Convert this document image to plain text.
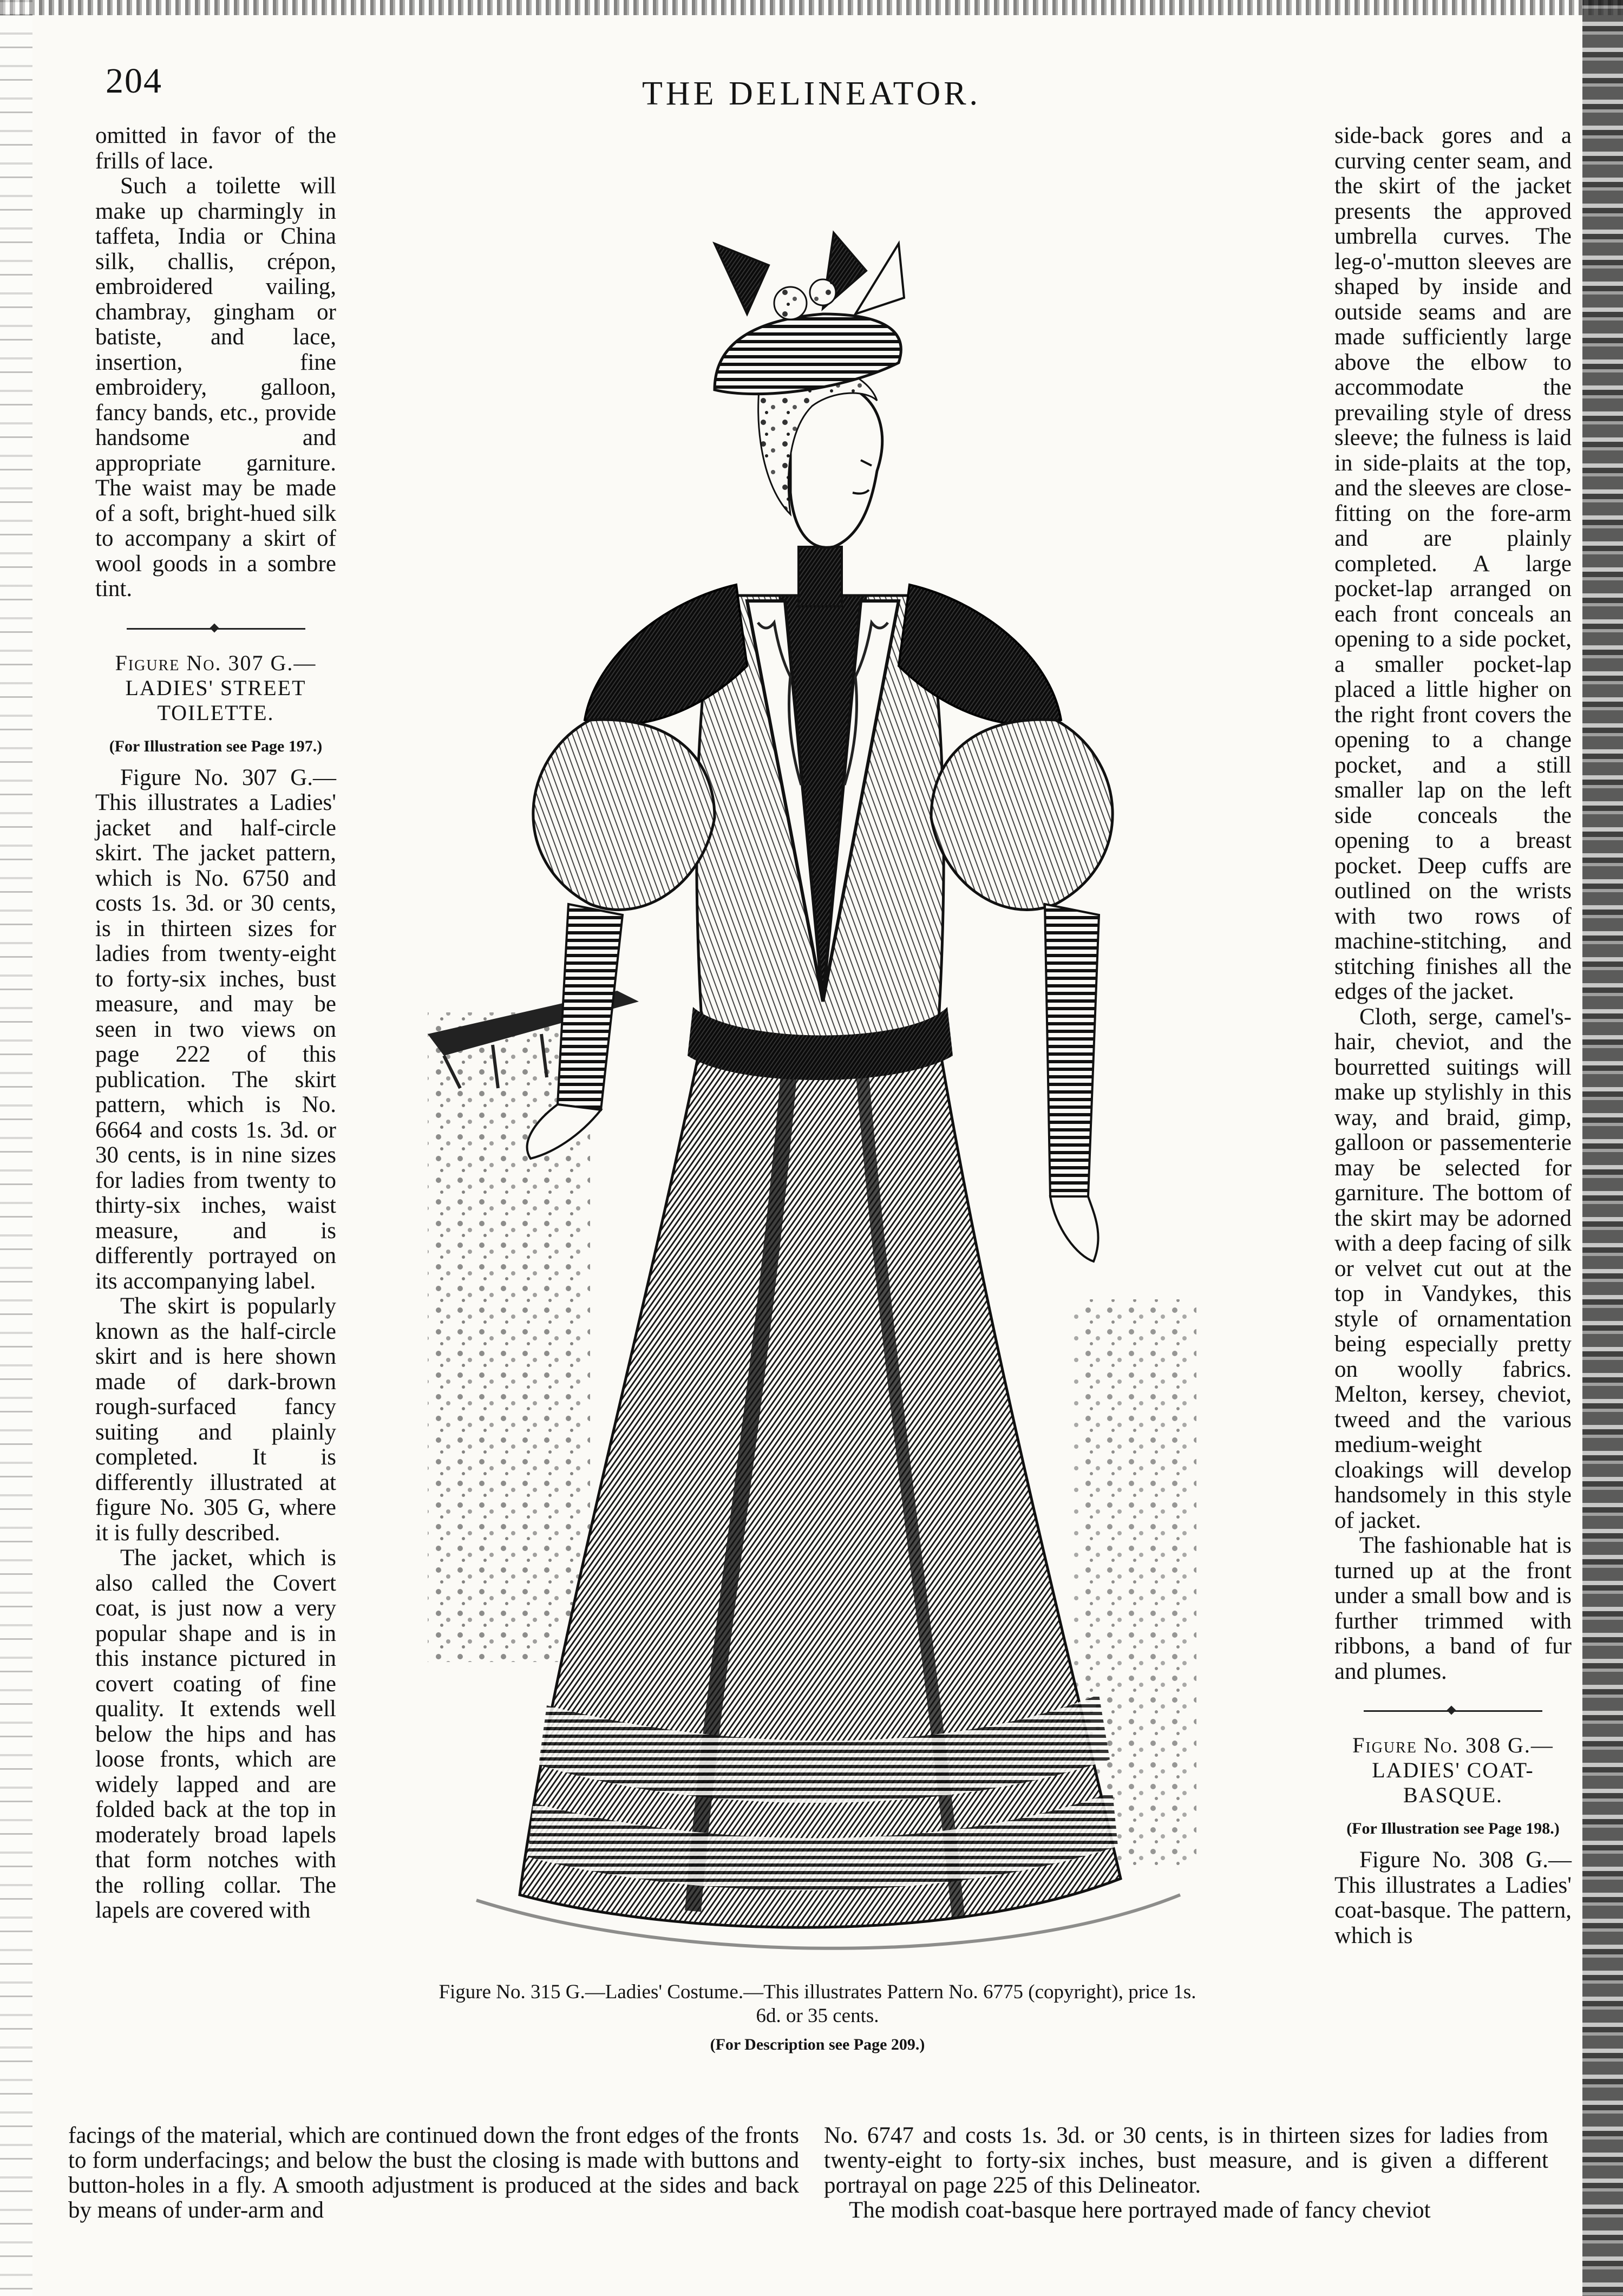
204	THE DELINEATOR.

omitted in favor of the frills of lace.

Such a toilette will make up charmingly in taffeta, India or China silk, challis, crépon, embroidered vailing, chambray, gingham or batiste, and lace, insertion, fine embroidery, galloon, fancy bands, etc., provide handsome and appropriate garniture. The waist may be made of a soft, bright-hued silk to accompany a skirt of wool goods in a sombre tint.

Figure No. 307 G.—
LADIES' STREET
TOILETTE.
(For Illustration see Page 197.)

Figure No. 307 G.—This illustrates a Ladies' jacket and half-circle skirt. The jacket pattern, which is No. 6750 and costs 1s. 3d. or 30 cents, is in thirteen sizes for ladies from twenty-eight to forty-six inches, bust measure, and may be seen in two views on page 222 of this publication. The skirt pattern, which is No. 6664 and costs 1s. 3d. or 30 cents, is in nine sizes for ladies from twenty to thirty-six inches, waist measure, and is differently portrayed on its accompanying label.

The skirt is popularly known as the half-circle skirt and is here shown made of dark-brown rough-surfaced fancy suiting and plainly completed. It is differently illustrated at figure No. 305 G, where it is fully described.

The jacket, which is also called the Covert coat, is just now a very popular shape and is in this instance pictured in covert coating of fine quality. It extends well below the hips and has loose fronts, which are widely lapped and are folded back at the top in moderately broad lapels that form notches with the rolling collar. The lapels are covered with

side-back gores and a curving center seam, and the skirt of the jacket presents the approved umbrella curves. The leg-o'-mutton sleeves are shaped by inside and outside seams and are made sufficiently large above the elbow to accommodate the prevailing style of dress sleeve; the fulness is laid in side-plaits at the top, and the sleeves are close-fitting on the fore-arm and are plainly completed. A large pocket-lap arranged on each front conceals an opening to a side pocket, a smaller pocket-lap placed a little higher on the right front covers the opening to a change pocket, and a still smaller lap on the left side conceals the opening to a breast pocket. Deep cuffs are outlined on the wrists with two rows of machine-stitching, and stitching finishes all the edges of the jacket.

Cloth, serge, camel's-hair, cheviot, and the bourretted suitings will make up stylishly in this way, and braid, gimp, galloon or passementerie may be selected for garniture. The bottom of the skirt may be adorned with a deep facing of silk or velvet cut out at the top in Vandykes, this style of ornamentation being especially pretty on woolly fabrics. Melton, kersey, cheviot, tweed and the various medium-weight cloakings will develop handsomely in this style of jacket.

The fashionable hat is turned up at the front under a small bow and is further trimmed with ribbons, a band of fur and plumes.

Figure No. 308 G.—
LADIES' COAT-
BASQUE.
(For Illustration see Page 198.)

Figure No. 308 G.—This illustrates a Ladies' coat-basque. The pattern, which is

Figure No. 315 G.—Ladies' Costume.—This illustrates Pattern No. 6775 (copyright), price 1s. 6d. or 35 cents.
(For Description see Page 209.)

facings of the material, which are continued down the front edges of the fronts to form underfacings; and below the bust the closing is made with buttons and button-holes in a fly. A smooth adjustment is produced at the sides and back by means of under-arm and

No. 6747 and costs 1s. 3d. or 30 cents, is in thirteen sizes for ladies from twenty-eight to forty-six inches, bust measure, and is given a different portrayal on page 225 of this Delineator.

The modish coat-basque here portrayed made of fancy cheviot
